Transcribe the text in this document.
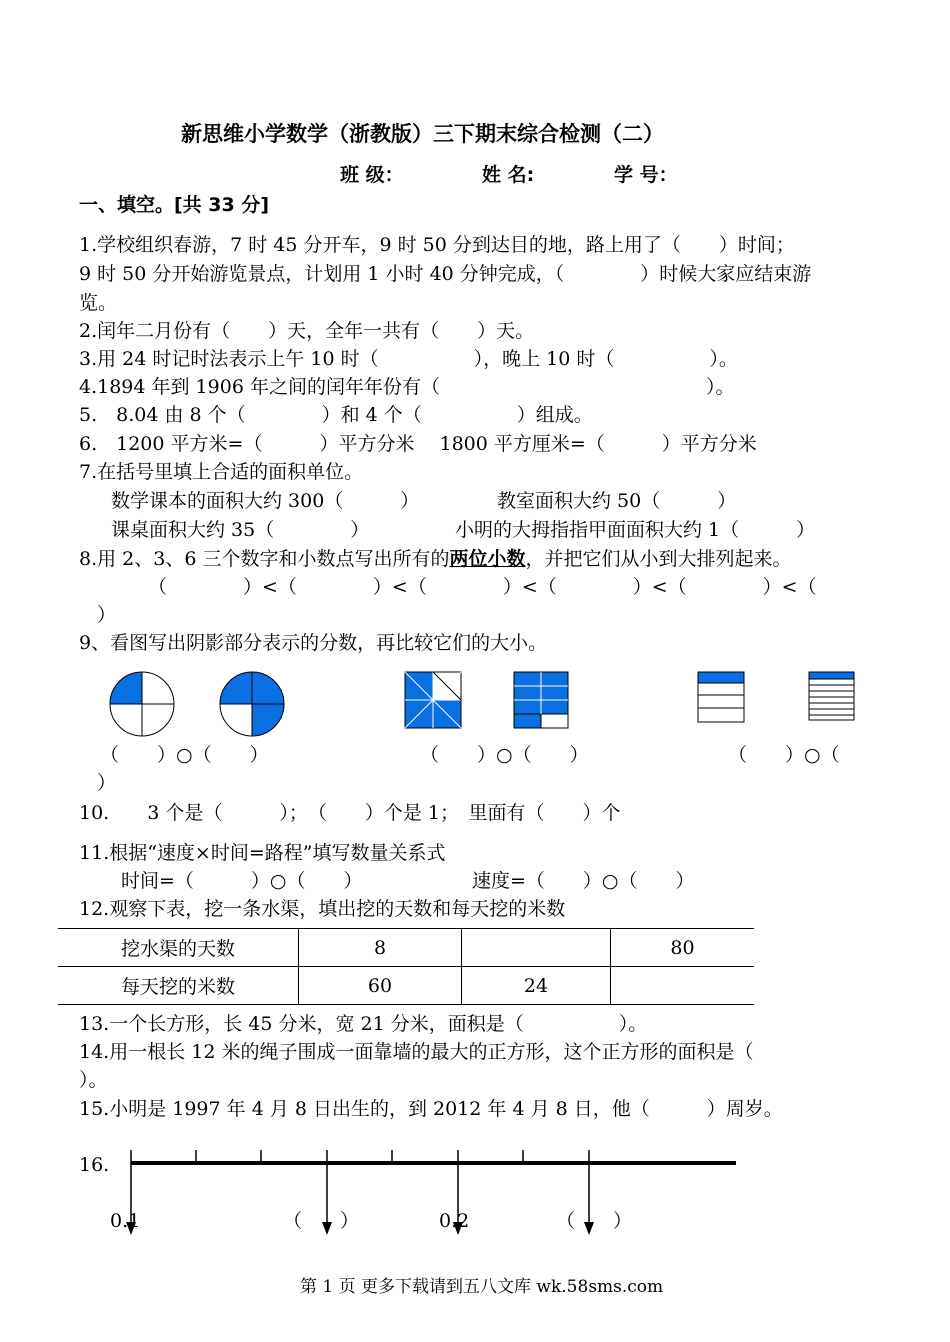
新思维小学数学（浙教版）三下期末综合检测（二）
班 级：	姓 名:	学 号：
一、填空。[共 33 分]
1.学校组织春游，7 时 45 分开车，9 时 50 分到达目的地，路上用了（　　）时间；
9 时 50 分开始游览景点，计划用 1 小时 40 分钟完成，（　　　　）时候大家应结束游
览。
2.闰年二月份有（　　）天，全年一共有（　　）天。
3.用 24 时记时法表示上午 10 时（　　　　　），晚上 10 时（　　　　　）。
4.1894 年到 1906 年之间的闰年年份有（　　　　　　　　　　　　　　）。
5.　8.04 由 8 个（　　　　）和 4 个（　　　　　）组成。
6.　1200 平方米=（　　　）平方分米　 1800 平方厘米=（　　　）平方分米
7.在括号里填上合适的面积单位。
数学课本的面积大约 300（　　　）	教室面积大约 50（　　　）
课桌面积大约 35（　　　　）	小明的大拇指指甲面面积大约 1（　　　）
8.用 2、3、6 三个数字和小数点写出所有的两位小数，并把它们从小到大排列起来。
（　　　　）<（　　　　）<（　　　　）<（　　　　）<（　　　　）<（
）
9、看图写出阴影部分表示的分数，再比较它们的大小。
（　　）○（　　）	（　　）○（　　）	（　　）○（
）
10.　　3 个是（　　　）；　（　　）个是 1；　里面有（　　）个
11.根据“速度×时间=路程”填写数量关系式
时间=（　　　）○（　　）	速度=（　　）○（　　）
12.观察下表，挖一条水渠，填出挖的天数和每天挖的米数
挖水渠的天数	8		80
每天挖的米数	60	24	
13.一个长方形，长 45 分米，宽 21 分米，面积是（　　　　　）。
14.用一根长 12 米的绳子围成一面靠墙的最大的正方形，这个正方形的面积是（
）。
15.小明是 1997 年 4 月 8 日出生的，到 2012 年 4 月 8 日，他（　　　）周岁。
16.
0.1	（　　）	0.2	（　　）
第 1 页 更多下载请到五八文库 wk.58sms.com
